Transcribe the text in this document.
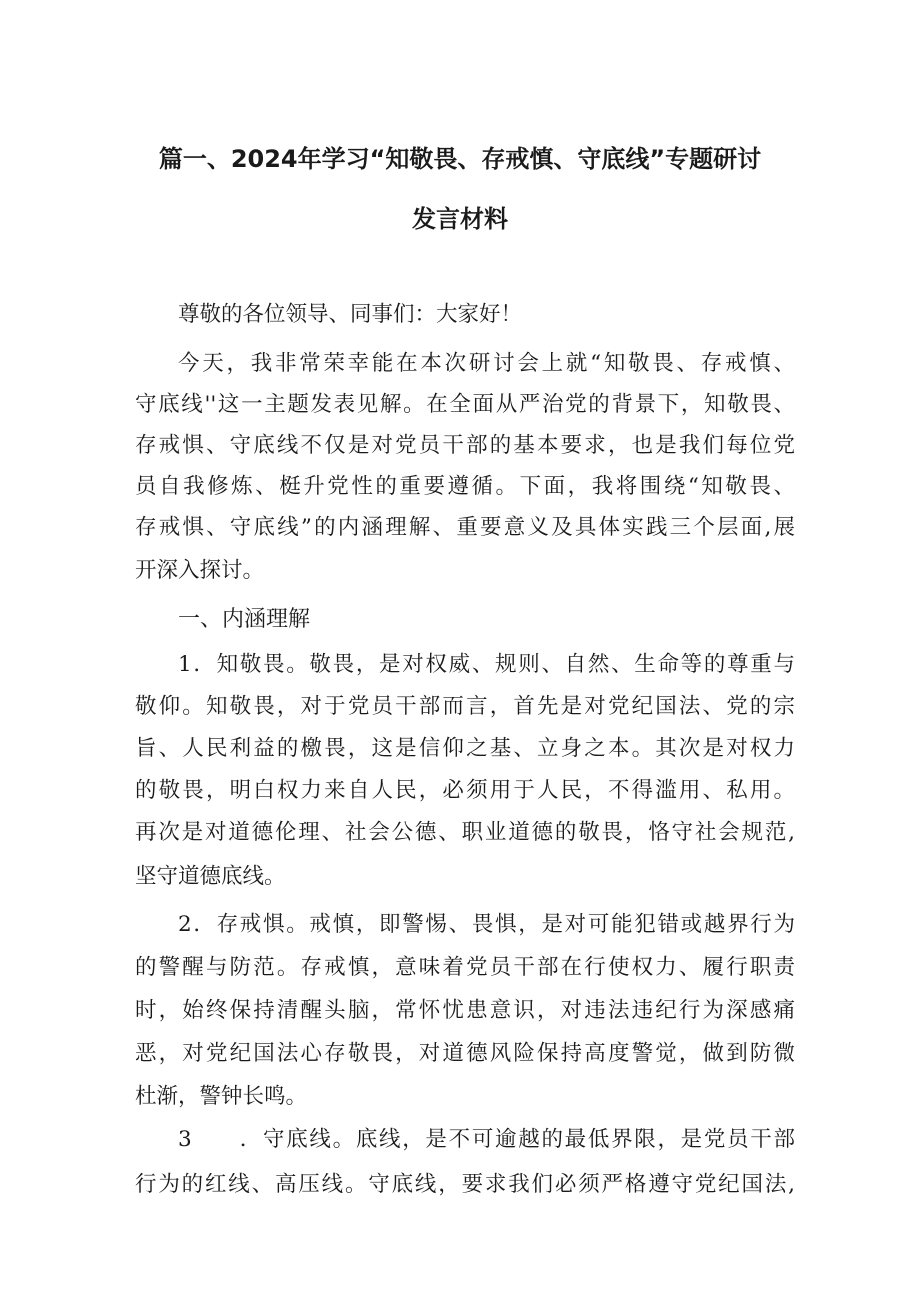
篇一、2024年学习“知敬畏、存戒慎、守底线”专题研讨
发言材料
尊敬的各位领导、同事们：大家好！
今天，我非常荣幸能在本次研讨会上就“知敬畏、存戒慎、
守底线''这一主题发表见解。在全面从严治党的背景下，知敬畏、
存戒惧、守底线不仅是对党员干部的基本要求，也是我们每位党
员自我修炼、梃升党性的重要遵循。下面，我将围绕“知敬畏、
存戒惧、守底线”的内涵理解、重要意义及具体实践三个层面,展
开深入探讨。
一、内涵理解
1．知敬畏。敬畏，是对权威、规则、自然、生命等的尊重与
敬仰。知敬畏，对于党员干部而言，首先是对党纪国法、党的宗
旨、人民利益的檄畏，这是信仰之基、立身之本。其次是对权力
的敬畏，明白权力来自人民，必须用于人民，不得滥用、私用。
再次是对道德伦理、社会公德、职业道德的敬畏，恪守社会规范,
坚守道德底线。
2．存戒惧。戒慎，即警惕、畏惧，是对可能犯错或越界行为
的警醒与防范。存戒慎，意味着党员干部在行使权力、履行职责
时，始终保持清醒头脑，常怀忧患意识，对违法违纪行为深感痛
恶，对党纪国法心存敬畏，对道德风险保持高度警觉，做到防微
杜渐，警钟长鸣。
3　　．守底线。底线，是不可逾越的最低界限，是党员干部
行为的红线、高压线。守底线，要求我们必须严格遵守党纪国法,
